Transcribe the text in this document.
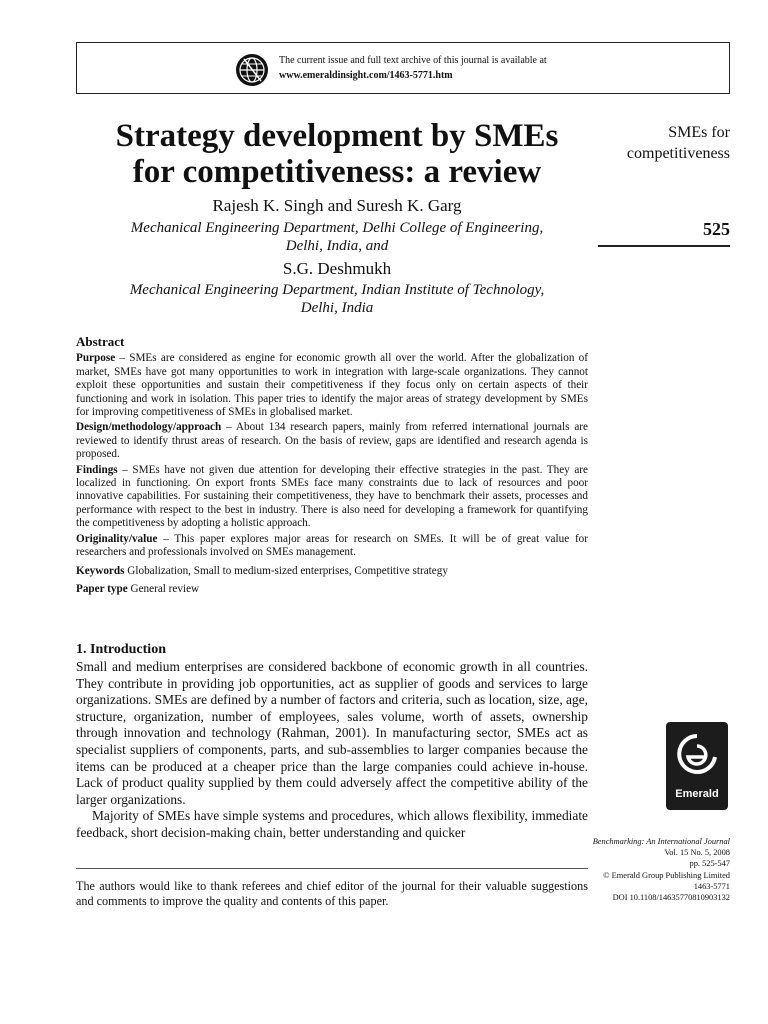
The current issue and full text archive of this journal is available at
www.emeraldinsight.com/1463-5771.htm
Strategy development by SMEs
for competitiveness: a review
Rajesh K. Singh and Suresh K. Garg
Mechanical Engineering Department, Delhi College of Engineering,
Delhi, India, and
S.G. Deshmukh
Mechanical Engineering Department, Indian Institute of Technology,
Delhi, India
SMEs for
competitiveness
525
Abstract

Purpose – SMEs are considered as engine for economic growth all over the world. After the globalization of market, SMEs have got many opportunities to work in integration with large-scale organizations. They cannot exploit these opportunities and sustain their competitiveness if they focus only on certain aspects of their functioning and work in isolation. This paper tries to identify the major areas of strategy development by SMEs for improving competitiveness of SMEs in globalised market.

Design/methodology/approach – About 134 research papers, mainly from referred international journals are reviewed to identify thrust areas of research. On the basis of review, gaps are identified and research agenda is proposed.

Findings – SMEs have not given due attention for developing their effective strategies in the past. They are localized in functioning. On export fronts SMEs face many constraints due to lack of resources and poor innovative capabilities. For sustaining their competitiveness, they have to benchmark their assets, processes and performance with respect to the best in industry. There is also need for developing a framework for quantifying the competitiveness by adopting a holistic approach.

Originality/value – This paper explores major areas for research on SMEs. It will be of great value for researchers and professionals involved on SMEs management.

Keywords Globalization, Small to medium-sized enterprises, Competitive strategy
Paper type General review
1. Introduction

Small and medium enterprises are considered backbone of economic growth in all countries. They contribute in providing job opportunities, act as supplier of goods and services to large organizations. SMEs are defined by a number of factors and criteria, such as location, size, age, structure, organization, number of employees, sales volume, worth of assets, ownership through innovation and technology (Rahman, 2001). In manufacturing sector, SMEs act as specialist suppliers of components, parts, and sub-assemblies to larger companies because the items can be produced at a cheaper price than the large companies could achieve in-house. Lack of product quality supplied by them could adversely affect the competitive ability of the larger organizations.

Majority of SMEs have simple systems and procedures, which allows flexibility, immediate feedback, short decision-making chain, better understanding and quicker

The authors would like to thank referees and chief editor of the journal for their valuable suggestions and comments to improve the quality and contents of this paper.
Emerald
Benchmarking: An International Journal
Vol. 15 No. 5, 2008
pp. 525-547
© Emerald Group Publishing Limited
1463-5771
DOI 10.1108/14635770810903132
